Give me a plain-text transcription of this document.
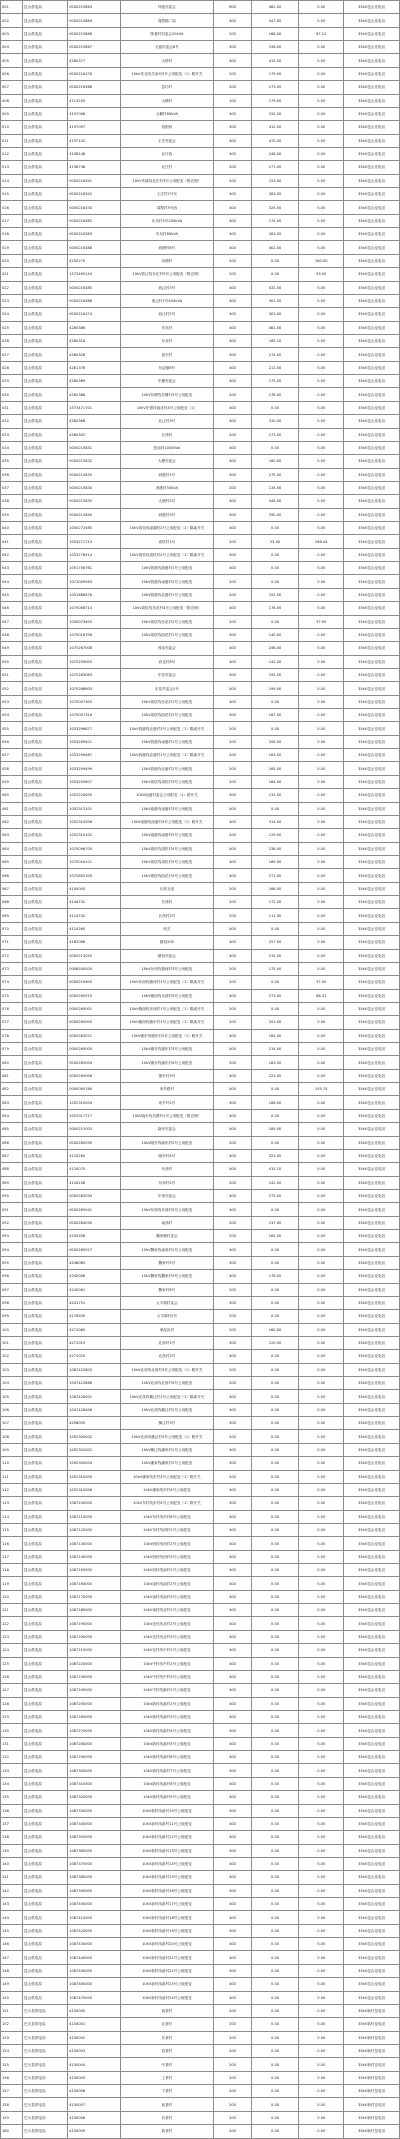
001	昆山供电局	0000215863	仲巷村委会	600	482.00	0.00	35kV昆山变电站
002	昆山供电局	0000215864	周墅镇二组	400	447.00	0.00	35kV昆山变电站
003	昆山供电局	0000215866	陈巷村村委会20kVA	200	168.00	67.12	35kV昆山变电站
004	昆山供电局	0000215867	长盛村委会8号	400	198.00	0.00	35kV昆山变电站
005	昆山供电局	4260377	大桥村	400	415.00	0.00	35kV昆山变电站
006	昆山供电局	0000216378	10kV朱北线关家河3号公用配变（1）路开关	200	179.00	0.00	35kV昆山变电站
007	昆山供电局	0000216368	县坊村	200	173.00	0.00	35kV昆山变电站
008	昆山供电局	4113220	大横村	100	179.00	0.00	35kV昆山变电站
009	昆山供电局	4197008	大横村80kVA	400	152.00	0.00	35kV昆山变电站
010	昆山供电局	4197097	西街西	400	412.00	0.00	35kV昆山变电站
011	昆山供电局	4197102	王庄村委会	400	470.00	0.00	35kV昆山变电站
012	昆山供电局	4198148	北庄西	400	248.00	0.00	35kV昆山变电站
013	昆山供电局	4198748	北庄村	200	171.00	0.00	35kV昆山变电站
014	昆山供电局	0000216341	10kV朱姚线北庄村3号公用配变（附农网）	200	153.00	0.00	35kV昆山变电站
015	昆山供电局	0000216342	王庄村2号东	400	283.00	0.00	35kV昆山变电站
016	昆山供电局	0000216333	周墅村5号西	400	325.00	0.00	35kV昆山变电站
017	昆山供电局	0000216382	东吴村5号200kVA	400	174.00	0.00	35kV昆山变电站
018	昆山供电局	0000216383	东吴村80kVA	400	263.00	0.00	35kV昆山变电站
019	昆山供电局	0000216388	西塘村6号	400	402.00	0.00	35kV昆山变电站
020	昆山供电局	4250270	吴塘村	200	0.00	160.00	35kV昆山变电站
021	昆山供电局	1573490154	10kV蔡泾线东庄村5号公用配变（附农网）	200	0.00	93.00	35kV昆山变电站
022	昆山供电局	0000216385	西泾村3号	400	432.00	0.00	35kV昆山变电站
023	昆山供电局	0000216386	西泾村1号400kVA	400	301.00	0.00	35kV昆山变电站
024	昆山供电局	0000216374	西泾村2号	400	303.00	0.00	35kV昆山变电站
025	昆山供电局	4260386	朱吴村	400	481.00	0.00	35kV昆山变电站
026	昆山供电局	4260318	东北村	400	165.10	0.00	35kV昆山变电站
027	昆山供电局	4260328	泥东村	400	274.00	0.00	35kV昆山变电站
028	昆山供电局	4261376	东淀镇6号	400	212.00	0.00	35kV昆山变电站
029	昆山供电局	4260369	东塘村委会	400	175.00	0.00	35kV昆山变电站
030	昆山供电局	4262388	10kV东塘线东塘村3号公用配变	200	178.00	0.00	35kV昆山变电站
031	昆山供电局	1573471701	10kV宏银线南北村4号公用配变（1）	400	0.00	0.00	35kV昆山变电站
032	昆山供电局	4262368	北泾村3号	400	310.00	0.00	35kV昆山变电站
033	昆山供电局	4260302	长荡村	200	173.00	0.00	35kV昆山变电站
034	昆山供电局	0000215831	张南村1000kVA	400	0.00	0.00	35kV昆山变电站
035	昆山供电局	0000215832	大塘村委会	400	160.00	0.00	35kV昆山变电站
036	昆山供电局	0000215833	西港村1号	400	275.00	0.00	35kV昆山变电站
037	昆山供电局	0000215834	西港村50kVA	200	134.00	0.00	35kV昆山变电站
038	昆山供电局	0000215835	大塘村2号	400	444.00	0.00	35kV昆山变电站
039	昆山供电局	0000215840	西港村3号	400	290.00	0.00	35kV昆山变电站
040	昆山供电局	1050272485	10kV周杭线南湖村2号公用配变（1）隔离开关	400	0.00	0.00	35kV昆山变电站
041	昆山供电局	1053271713	周杭村1号	200	23.50	266.44	35kV昆山变电站
042	昆山供电局	1053276414	10kV周杭线周杭村2号公用配变（1）隔离开关	400	0.00	0.00	35kV昆山变电站
043	昆山供电局	1051706761	10kV钱港线钱港村1号公用配变	400	0.00	0.00	35kV昆山变电站
044	昆山供电局	1071009563	10kV钱港线南港村2号公用配变	200	0.00	0.00	35kV昆山变电站
045	昆山供电局	1051686476	10kV钱港线北港村1号公用配变	200	152.00	0.00	35kV昆山变电站
046	昆山供电局	1075008714	10kV周杭线东花村4号公用配变（附农网）	400	178.00	0.00	35kV昆山变电站
047	昆山供电局	1050073403	10kV周杭线东花村2号公用配变	200	0.00	37.95	35kV昆山变电站
048	昆山供电局	1075016706	10kV周杭线西花村1号公用配变	400	140.00	0.00	35kV昆山变电站
049	昆山供电局	1075267008	西花村委会	400	246.00	0.00	35kV昆山变电站
050	昆山供电局	1075259003	西花村8号	400	142.00	0.00	35kV昆山变电站
051	昆山供电局	1075263083	东花村委会	400	192.00	0.00	35kV昆山变电站
052	昆山供电局	1075268603	东花村委会2号	400	199.00	0.00	35kV昆山变电站
053	昆山供电局	1075007303	10kV周杭线东花村1号公用配变	400	0.00	0.00	35kV昆山变电站
054	昆山供电局	1075007316	10kV周杭线西花村2号公用配变	400	167.00	0.00	35kV昆山变电站
055	昆山供电局	1053296877	10kV钱港线北港村3号公用配变（1）隔离开关	200	0.00	0.00	35kV昆山变电站
056	昆山供电局	1053299401	10kV钱港线南港村1号公用配变	200	208.00	0.00	35kV昆山变电站
057	昆山供电局	1053299487	10kV钱港线北港村1号公用配变（1）隔离开关	200	163.00	0.00	35kV昆山变电站
058	昆山供电局	1053299499	10kV钱港线北港村2号公用配变	200	165.00	0.00	35kV昆山变电站
059	昆山供电局	1053293607	10kV周杭线周杭村3号公用配变	200	184.00	0.00	35kV昆山变电站
060	昆山供电局	1052220000	10kV南港村委会公用配变（1）路开关	400	133.00	0.00	35kV昆山变电站
061	昆山供电局	1052313101	10kV南港线南港村3号公用配变	400	0.00	0.00	35kV昆山变电站
062	昆山供电局	1052310006	10kV南港线南港村4号公用配变（1）路开关	400	314.00	0.00	35kV昆山变电站
063	昆山供电局	1052310102	10kV南港线南港村5号公用配变	200	129.00	0.00	35kV昆山变电站
064	昆山供电局	1075096705	10kV周杭线周杭村4号公用配变	400	238.00	0.00	35kV昆山变电站
065	昆山供电局	1075016101	10kV周杭线周杭村5号公用配变	400	169.00	0.00	35kV昆山变电站
066	昆山供电局	1075892309	10kV周杭线西花村3号公用配变	400	271.00	0.00	35kV昆山变电站
067	昆山供电局	4100000	长荡五组	200	166.00	0.00	35kV昆山变电站
068	昆山供电局	4144742	长荡村	200	172.00	0.00	35kV昆山变电站
069	昆山供电局	4114742	长荡村2号	200	111.00	0.00	35kV昆山变电站
070	昆山供电局	4124260	西关	400	0.00	0.00	35kV昆山变电站
071	昆山供电局	4162066	镇西200	400	257.00	0.00	35kV昆山变电站
072	昆山供电局	0000213050	镇西村委会	400	215.00	0.00	35kV昆山变电站
073	昆山供电局	0008500000	10kV东西线镇西村3号公用配变	200	175.00	0.00	35kV昆山变电站
074	昆山供电局	0000210600	10kV东西线镇西村1号公用配变（1）隔离开关	200	0.00	37.00	35kV昆山变电站
075	昆山供电局	0000265019	10kV镇西线东西村3号公用配变	400	273.00	66.31	35kV昆山变电站
076	昆山供电局	0000265001	10kV镇西线东西村1号公用配变（1）隔离开关	200	0.00	0.00	35kV昆山变电站
077	昆山供电局	0000265000	10kV镇西线镇东村1号公用配变（1）隔离开关	200	203.00	0.00	35kV昆山变电站
078	昆山供电局	0000265021	10kV镇东线镇东村2号公用配变（1）路开关	400	184.00	0.00	35kV昆山变电站
079	昆山供电局	0000265005	10kV镇东线镇东村3号公用配变	400	214.00	0.00	35kV昆山变电站
080	昆山供电局	0000265004	10kV镇东线镇东村4号公用配变	200	183.00	0.00	35kV昆山变电站
081	昆山供电局	0000265006	镇东村5号	400	223.00	0.00	35kV昆山变电站
082	昆山供电局	0000000760	家乡路村	400	0.00	155.74	35kV昆山变电站
083	昆山供电局	1052310004	家乡村2号	400	166.00	0.00	35kV昆山变电站
084	昆山供电局	1052917717	10kV晓东线东圆村1号公用配变（附农网）	400	0.00	0.00	35kV昆山变电站
085	昆山供电局	0000215003	晓东村委会	400	189.00	0.00	35kV昆山变电站
086	昆山供电局	0000265039	10kV晓东线晓东村2号公用配变	200	0.00	0.00	35kV昆山变电站
087	昆山供电局	4120260	晓东村4号	400	323.00	0.00	35kV昆山变电站
088	昆山供电局	4120070	东荡村	400	415.10	0.00	35kV昆山变电站
089	昆山供电局	4126108	东荡村2号	200	142.00	0.00	35kV昆山变电站
090	昆山供电局	0000265034	东荡村委会	400	275.00	0.00	35kV昆山变电站
091	昆山供电局	0000265041	10kV东荡线东荡村3号公用配变	400	0.00	0.00	35kV昆山变电站
092	昆山供电局	0000264030	南荡村	200	137.00	0.00	35kV昆山变电站
093	昆山供电局	4245358	魏家塘村委会	200	165.00	0.00	35kV昆山变电站
094	昆山供电局	0000265027	10kV魏家线南荡村2号公用配变	400	0.00	0.00	35kV昆山变电站
095	昆山供电局	4248085	魏家村5号	400	0.00	0.00	35kV昆山变电站
096	昆山供电局	4245008	10kV魏家线魏家村3号公用配变	400	178.00	0.00	35kV昆山变电站
097	昆山供电局	4245061	魏家村6号	200	0.00	0.00	35kV昆山变电站
098	昆山供电局	4241751	大平湖村委会	400	0.00	0.00	35kV昆山变电站
099	昆山供电局	4278500	大平湖村2号	200	0.00	0.00	35kV昆山变电站
100	昆山供电局	4271080	黄泥浜村	200	160.00	0.00	35kV昆山变电站
101	昆山供电局	4271019	北荡村1号	400	120.00	0.00	35kV昆山变电站
102	昆山供电局	4271020	北荡村2号	400	0.00	0.00	35kV昆山变电站
103	昆山供电局	1087425803	10kV北荡线北荡村3号公用配变（1）路开关	200	0.00	0.00	35kV昆山变电站
104	昆山供电局	1047423888	10kV北荡线北荡村4号公用配变	200	0.00	0.00	35kV昆山变电站
105	昆山供电局	1087426001	10kV北荡线横泾村1号公用配变（1）隔离开关	400	0.00	0.00	35kV昆山变电站
106	昆山供电局	1047426008	10kV北荡线横泾村2号公用配变	400	0.00	0.00	35kV昆山变电站
107	昆山供电局	4258009	横泾村3号	400	0.00	0.00	35kV昆山变电站
108	昆山供电局	1092300002	10kV北荡线横泾村4号公用配变（1）路开关	200	0.00	0.00	35kV昆山变电站
109	昆山供电局	1092302002	10kV横泾线潘家村1号公用配变	400	0.00	0.00	35kV昆山变电站
110	昆山供电局	1092300004	10kV潘家线潘家村2号公用配变	400	0.00	0.00	35kV昆山变电站
111	昆山供电局	1052310000	10kV潘家线东村3号公用配变（1）路开关	200	0.00	0.00	35kV昆山变电站
112	昆山供电局	1052310008	10kV潘家线东村4号公用配变	400	0.00	0.00	35kV昆山变电站
113	昆山供电局	1087100000	10kV东村线东村5号公用配变（1）路开关	400	0.00	0.00	35kV昆山变电站
114	昆山供电局	1087110000	10kV东村线东村6号公用配变	400	0.00	0.00	35kV昆山变电站
115	昆山供电局	1087120000	10kV东村线西村1号公用配变	400	0.00	0.00	35kV昆山变电站
116	昆山供电局	1087130000	10kV西村线西村2号公用配变	400	0.00	0.00	35kV昆山变电站
117	昆山供电局	1087140000	10kV西村线西村3号公用配变	400	0.00	0.00	35kV昆山变电站
118	昆山供电局	1087150000	10kV西村线南村1号公用配变	400	0.00	0.00	35kV昆山变电站
119	昆山供电局	1087160000	10kV南村线南村2号公用配变	400	0.00	0.00	35kV昆山变电站
120	昆山供电局	1087170000	10kV南村线南村3号公用配变	400	0.00	0.00	35kV昆山变电站
121	昆山供电局	1087180000	10kV南村线北村1号公用配变	400	0.00	0.00	35kV昆山变电站
122	昆山供电局	1087190000	10kV北村线北村2号公用配变	400	0.00	0.00	35kV昆山变电站
123	昆山供电局	1087200000	10kV北村线北村3号公用配变	400	0.00	0.00	35kV昆山变电站
124	昆山供电局	1087210000	10kV北村线中村1号公用配变	400	0.00	0.00	35kV昆山变电站
125	昆山供电局	1087220000	10kV中村线中村2号公用配变	400	0.00	0.00	35kV昆山变电站
126	昆山供电局	1087230000	10kV中村线中村3号公用配变	400	0.00	0.00	35kV昆山变电站
127	昆山供电局	1087240000	10kV中村线新村1号公用配变	400	0.00	0.00	35kV昆山变电站
128	昆山供电局	1087250000	10kV新村线新村2号公用配变	400	0.00	0.00	35kV昆山变电站
129	昆山供电局	1087260000	10kV新村线新村3号公用配变	400	0.00	0.00	35kV昆山变电站
130	昆山供电局	1087270000	10kV新村线新村4号公用配变	400	0.00	0.00	35kV昆山变电站
131	昆山供电局	1087280000	10kV新村线新村5号公用配变	400	0.00	0.00	35kV昆山变电站
132	昆山供电局	1087290000	10kV新村线新村6号公用配变	400	0.00	0.00	35kV昆山变电站
133	昆山供电局	1087300000	10kV新村线新村7号公用配变	400	0.00	0.00	35kV昆山变电站
134	昆山供电局	1087310000	10kV新村线新村8号公用配变	400	0.00	0.00	35kV昆山变电站
135	昆山供电局	1087320000	10kV新村线新村9号公用配变	400	0.00	0.00	35kV昆山变电站
136	昆山供电局	1087330000	10kV新村线新村10号公用配变	400	0.00	0.00	35kV昆山变电站
137	昆山供电局	1087340000	10kV新村线新村11号公用配变	400	0.00	0.00	35kV昆山变电站
138	昆山供电局	1087350000	10kV新村线新村12号公用配变	400	0.00	0.00	35kV昆山变电站
139	昆山供电局	1087360000	10kV新村线新村13号公用配变	400	0.00	0.00	35kV昆山变电站
140	昆山供电局	1087370000	10kV新村线新村14号公用配变	400	0.00	0.00	35kV昆山变电站
141	昆山供电局	1087380000	10kV新村线新村15号公用配变	400	0.00	0.00	35kV昆山变电站
142	昆山供电局	1087390000	10kV新村线新村16号公用配变	400	0.00	0.00	35kV昆山变电站
143	昆山供电局	1087400000	10kV新村线新村17号公用配变	400	0.00	0.00	35kV昆山变电站
144	昆山供电局	1087410000	10kV新村线新村18号公用配变	400	0.00	0.00	35kV昆山变电站
145	昆山供电局	1087420000	10kV新村线新村19号公用配变	400	0.00	0.00	35kV昆山变电站
146	昆山供电局	1087430000	10kV新村线新村20号公用配变	400	0.00	0.00	35kV昆山变电站
147	昆山供电局	1087440000	10kV新村线新村21号公用配变	400	0.00	0.00	35kV昆山变电站
148	昆山供电局	1087450000	10kV新村线新村22号公用配变	400	0.00	0.00	35kV昆山变电站
149	昆山供电局	1087460000	10kV新村线新村23号公用配变	400	0.00	0.00	35kV昆山变电站
150	昆山供电局	1087470000	10kV新村线新村24号公用配变	400	0.00	0.00	35kV昆山变电站
151	巴川县供电局	4150000	南茶村	200	0.00	0.00	35kV新村变电站
152	巴川县供电局	4150001	北茶村	200	0.00	0.00	35kV新村变电站
153	巴川县供电局	4150002	东茶村	200	0.00	0.00	35kV新村变电站
154	巴川县供电局	4150003	西茶村	200	0.00	0.00	35kV新村变电站
155	巴川县供电局	4150004	中茶村	200	0.00	0.00	35kV新村变电站
156	巴川县供电局	4150005	上茶村	200	0.00	0.00	35kV新村变电站
157	巴川县供电局	4150006	下茶村	200	0.00	0.00	35kV新村变电站
158	巴川县供电局	4150007	前茶村	200	0.00	0.00	35kV新村变电站
159	巴川县供电局	4150008	后茶村	200	0.00	0.00	35kV新村变电站
160	巴川县供电局	4150009	新茶村	200	0.00	0.00	35kV新村变电站
